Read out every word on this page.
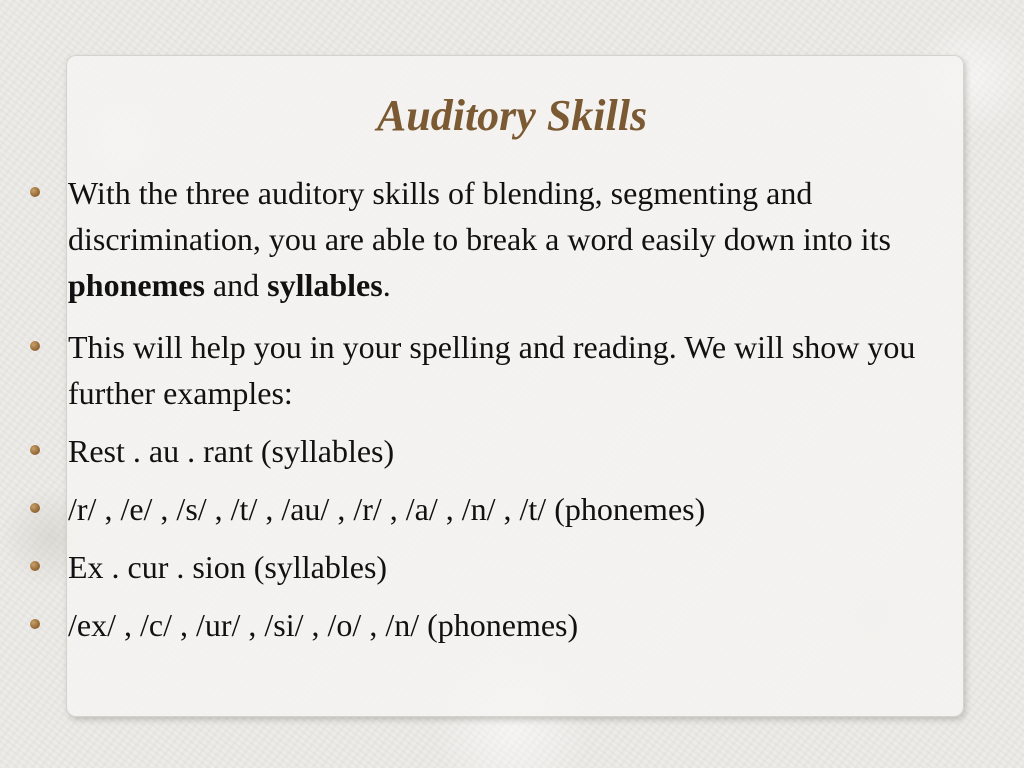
Auditory Skills
With the three auditory skills of blending, segmenting and discrimination, you are able to break a word easily down into its phonemes and syllables.
This will help you in your spelling and reading. We will show you further examples:
Rest . au . rant (syllables)
/r/ , /e/ , /s/ , /t/ , /au/ , /r/ , /a/ , /n/ , /t/ (phonemes)
Ex . cur . sion (syllables)
/ex/ , /c/ , /ur/ , /si/ , /o/ , /n/ (phonemes)
